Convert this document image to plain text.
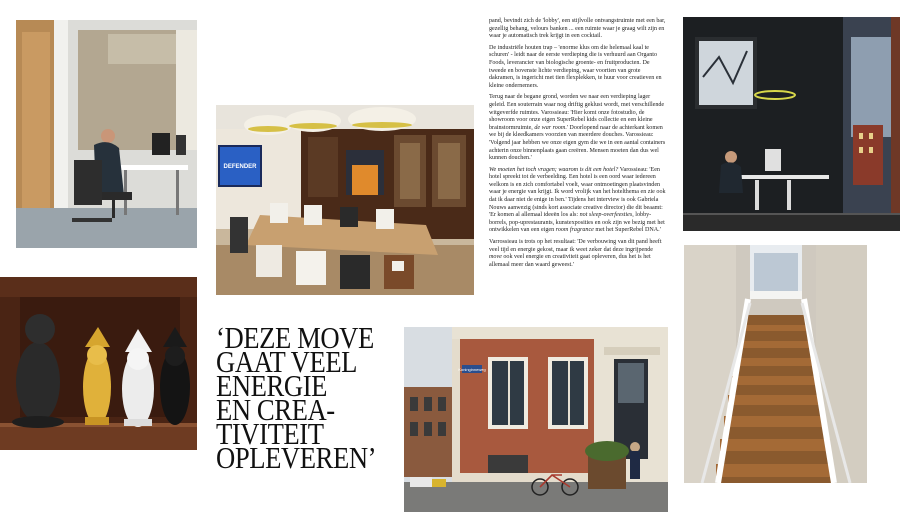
DEFENDER
‘DEZE MOVE
GAAT VEEL
ENERGIE
EN CREA-
TIVITEIT
OPLEVEREN’
Koninginneweg

pand, bevindt zich de 'lobby', een stijlvolle ontvangstruimte met een bar, gezellig behang, velours banken ... een ruimte waar je graag wilt zijn en waar je automatisch trek krijgt in een cocktail.

De industriële houten trap – 'enorme klus om die helemaal kaal te schuren' - leidt naar de eerste verdieping die is verhuurd aan Organto Foods, leverancier van biologische groente- en fruitproducten. De tweede en bovenste lichte verdieping, waar voortien van grote dakramen, is ingericht met tien flexplekken, te huur voor creatieven en kleine ondernemers.

Terug naar de begane grond, worden we naar een verdieping lager geleid. Een souterrain waar nog driftig geklust wordt, met verschillende witgeverfde ruimtes. Varossieau: 'Hier komt onze fotostudio, de showroom voor onze eigen SuperRebel kids collectie en een kleine brainstormruimte, de war room.' Doorlopend naar de achterkant komen we bij de kleedkamers voorzien van meerdere douches. Varossieau: 'Volgend jaar hebben we onze eigen gym die we in een aantal containers achterin onze binnenplaats gaan creëren. Mensen moeten dan dus wel kunnen douchen.'

We moeten het toch vragen; waarom is dit een hotel? Varossieau: 'Een hotel spreekt tot de verbeelding. Een hotel is een oord waar iedereen welkom is en zich comfortabel voelt, waar ontmoetingen plaatsvinden waar je energie van krijgt. Ik word vrolijk van het hotelthema en zie ook dat ik daar niet de enige in ben.' Tijdens het interview is ook Gabriela Nouws aanwezig (sinds kort associate creative director) die dit beaamt: 'Er komen al allemaal ideeën los als: not sleep-overfeesties, lobby-borrels, pop-uprestaurants, kunstexposities en ook zijn we bezig met het ontwikkelen van een eigen room fragrance met het SuperRebel DNA.'

Varrossieau is trots op het resultaat: 'De verbouwing van dit pand heeft veel tijd en energie gekost, maar ik weet zeker dat deze ingrijpende move ook veel energie en creativiteit gaat opleveren, dus het is het allemaal meer dan waard geweest.'
